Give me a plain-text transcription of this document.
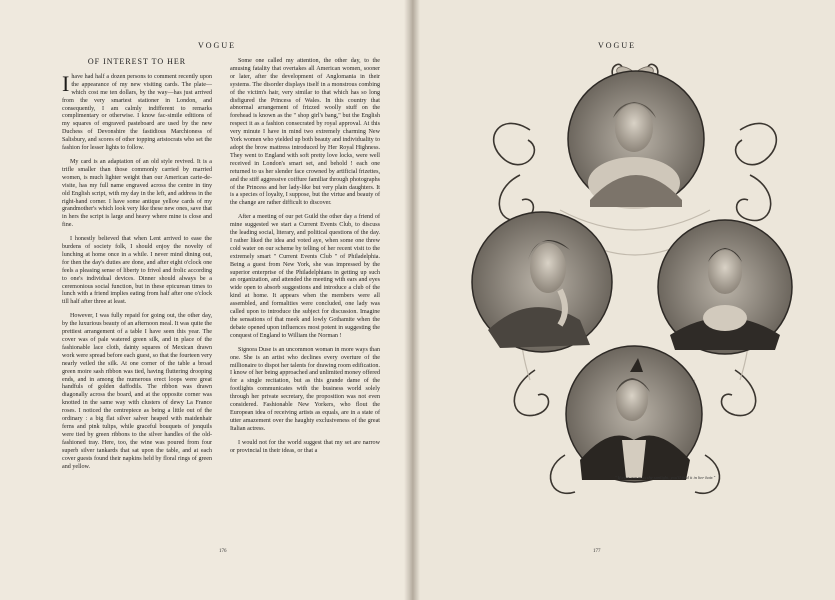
VOGUE
OF INTEREST TO HER

Ihave had half a dozen persons to comment recently upon the appearance of my new visiting cards. The plate—which cost me ten dollars, by the way—has just arrived from the very smartest stationer in London, and consequently, I am calmly indifferent to remarks complimentary or otherwise. I know fac-simile editions of my squares of engraved pasteboard are used by the new Duchess of Devonshire the fastidious Marchioness of Salisbury, and scores of other topping aristocrats who set the fashion for lesser lights to follow.

My card is an adaptation of an old style revived. It is a trifle smaller than those commonly carried by married women, is much lighter weight than our American carte-de-visite, has my full name engraved across the centre in tiny old English script, with my day in the left, and address in the right-hand corner. I have some antique yellow cards of my grandmother's which look very like these new ones, save that in hers the script is large and heavy where mine is close and fine.

I honestly believed that when Lent arrived to ease the burdens of society folk, I should enjoy the novelty of lunching at home once in a while. I never mind dining out, for then the day's duties are done, and after eight o'clock one feels a pleasing sense of liberty to frivol and frolic according to one's individual devices. Dinner should always be a ceremonious social function, but in these epicurean times to lunch with a friend implies eating from half after one o'clock till half after three at least.

However, I was fully repaid for going out, the other day, by the luxurious beauty of an afternoon meal. It was quite the prettiest arrangement of a table I have seen this year. The cover was of pale watered green silk, and in place of the fashionable lace cloth, dainty squares of Mexican drawn work were spread before each guest, so that the fourteen very nearly veiled the silk. At one corner of the table a broad green moire sash ribbon was tied, having fluttering drooping ends, and in among the numerous erect loops were great handfuls of golden daffodils. The ribbon was drawn diagonally across the board, and at the opposite corner was knotted in the same way with clusters of dewy La France roses. I noticed the centrepiece as being a little out of the ordinary : a big flat silver salver heaped with maidenhair ferns and pink tulips, while graceful bouquets of jonquils were tied by green ribbons to the silver handles of the old-fashioned tray. Here, too, the wine was poured from four superb silver tankards that sat upon the table, and at each cover guests found their napkins held by floral rings of green and yellow.

Some one called my attention, the other day, to the amusing fatality that overtakes all American women, sooner or later, after the development of Anglomania in their systems. The disorder displays itself in a monstrous combing of the victim's hair, very similar to that which has so long disfigured the Princess of Wales. In this country that abnormal arrangement of frizzed woolly stuff on the forehead is known as the " shop girl's bang," but the English respect it as a fashion consecrated by royal approval. At this very minute I have in mind two extremely charming New York women who yielded up both beauty and individuality to adopt the brow mattress introduced by Her Royal Highness. They went to England with soft pretty love locks, were well received in London's smart set, and behold ! each one returned to us her slender face crowned by artificial frizettes, and the stiff aggressive coiffure familiar through photographs of the Princess and her lady-like but very plain daughters. It is a species of loyalty, I suppose, but the virtue and beauty of the change are rather difficult to discover.

After a meeting of our pet Guild the other day a friend of mine suggested we start a Current Events Club, to discuss the leading social, literary, and political questions of the day. I rather liked the idea and voted aye, when some one threw cold water on our scheme by telling of her recent visit to the extremely smart " Current Events Club " of Philadelphia. Being a guest from New York, she was impressed by the superior enterprise of the Philadelphians in getting up such an organization, and attended the meeting with ears and eyes wide open to absorb suggestions and introduce a club of the kind at home. It appears when the members were all assembled, and formalities were concluded, one lady was called upon to introduce the subject for discussion. Imagine the sensations of that meek and lowly Gothamite when the debate opened upon influences most potent in suggesting the conquest of England to William the Norman !

Signora Duse is an uncommon woman in more ways than one. She is an artist who declines every overture of the millionaire to dispot her talents for drawing room edification. I know of her being approached and unlimited money offered for a single recitation, but as this grande dame of the footlights communicates with the business world solely through her private secretary, the proposition was not even considered. Fashionable New Yorkers, who flout the European idea of receiving artists as equals, are in a state of utter amazement over the haughty exclusiveness of the great Italian actress.

I would not for the world suggest that my set are narrow or provincial in their ideas, or that a

176
VOGUE
" If ever you miss the sunlight, you'll find it in her hair."
177
